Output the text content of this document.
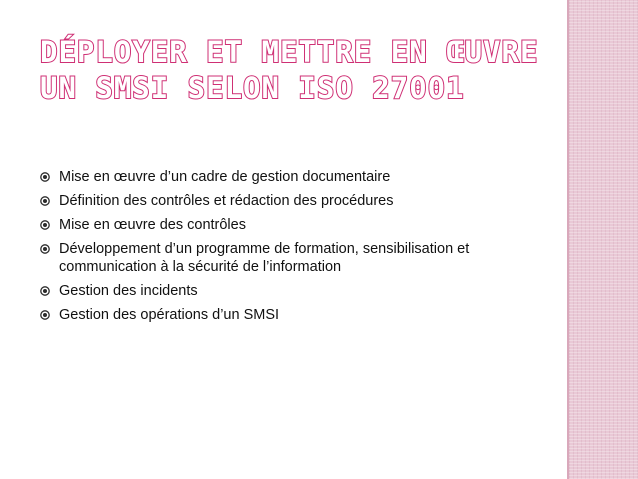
DÉPLOYER ET METTRE EN ŒUVRE
UN SMSI SELON ISO 27001
Mise en œuvre d’un cadre de gestion documentaire
Définition des contrôles et rédaction des procédures
Mise en œuvre des contrôles
Développement d’un programme de formation, sensibilisation et communication à la sécurité de l’information
Gestion des incidents
Gestion des opérations d’un SMSI
